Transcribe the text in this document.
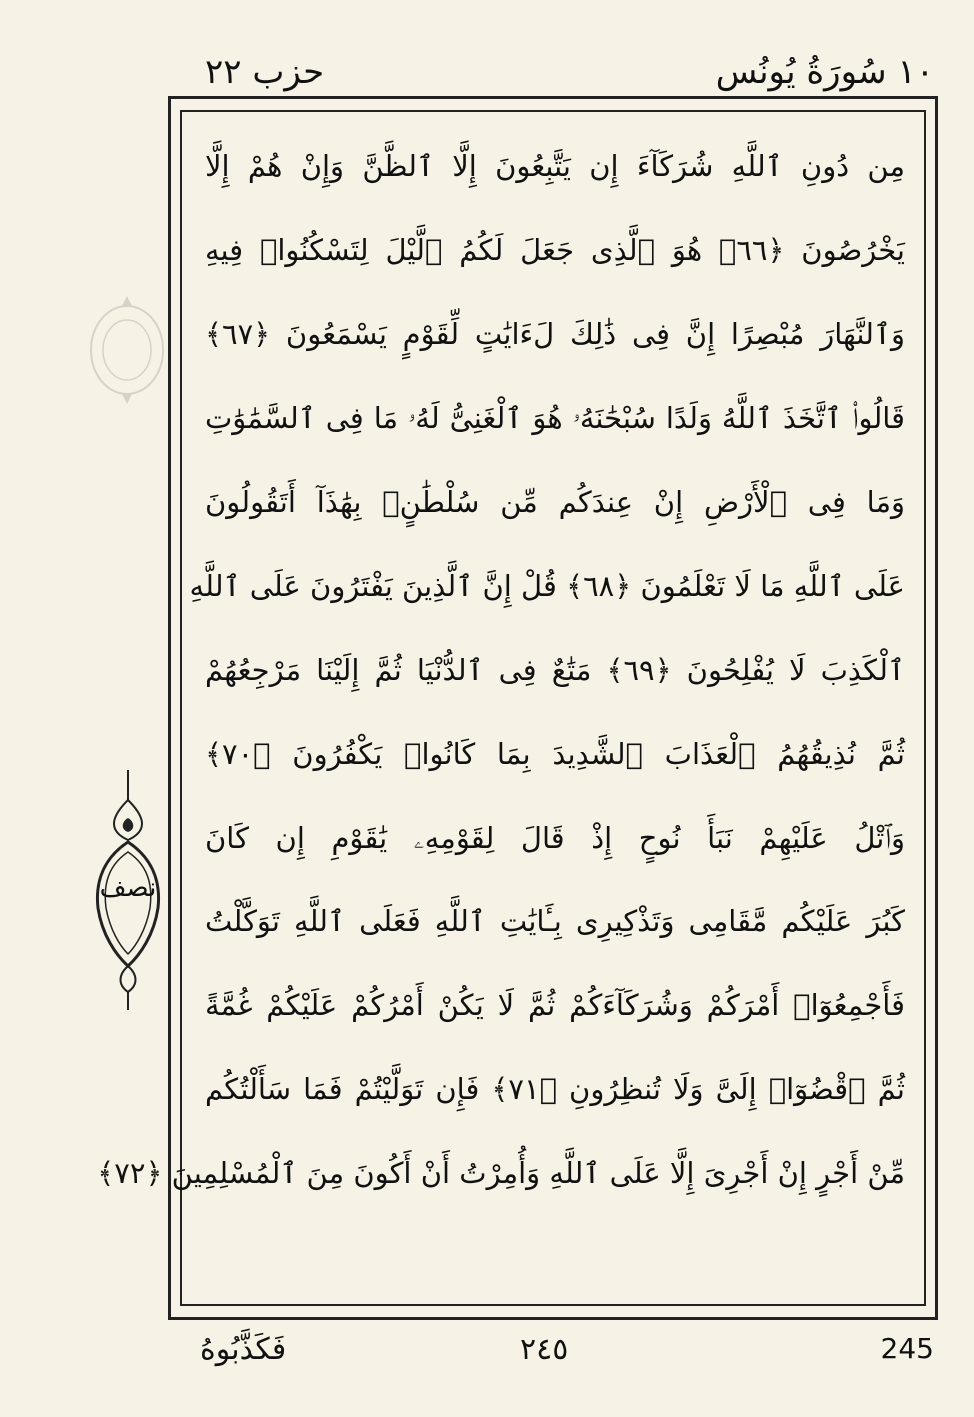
حزب ٢٢	١٠ سُورَةُ يُونُس
مِن دُونِ ٱللَّهِ شُرَكَآءَ إِن يَتَّبِعُونَ إِلَّا ٱلظَّنَّ وَإِنْ هُمْ إِلَّا
يَخْرُصُونَ ﴿٦٦﴾ هُوَ ٱلَّذِى جَعَلَ لَكُمُ ٱلَّيْلَ لِتَسْكُنُوا۟ فِيهِ
وَٱلنَّهَارَ مُبْصِرًا إِنَّ فِى ذَٰلِكَ لَءَايَٰتٍ لِّقَوْمٍ يَسْمَعُونَ ﴿٦٧﴾
قَالُوا۟ ٱتَّخَذَ ٱللَّهُ وَلَدًا سُبْحَٰنَهُۥ هُوَ ٱلْغَنِىُّ لَهُۥ مَا فِى ٱلسَّمَٰوَٰتِ
وَمَا فِى ٱلْأَرْضِ إِنْ عِندَكُم مِّن سُلْطَٰنٍۭ بِهَٰذَآ أَتَقُولُونَ
عَلَى ٱللَّهِ مَا لَا تَعْلَمُونَ ﴿٦٨﴾ قُلْ إِنَّ ٱلَّذِينَ يَفْتَرُونَ عَلَى ٱللَّهِ
ٱلْكَذِبَ لَا يُفْلِحُونَ ﴿٦٩﴾ مَتَٰعٌ فِى ٱلدُّنْيَا ثُمَّ إِلَيْنَا مَرْجِعُهُمْ
ثُمَّ نُذِيقُهُمُ ٱلْعَذَابَ ٱلشَّدِيدَ بِمَا كَانُوا۟ يَكْفُرُونَ ﴿٧٠﴾
وَٱتْلُ عَلَيْهِمْ نَبَأَ نُوحٍ إِذْ قَالَ لِقَوْمِهِۦ يَٰقَوْمِ إِن كَانَ
كَبُرَ عَلَيْكُم مَّقَامِى وَتَذْكِيرِى بِـَٔايَٰتِ ٱللَّهِ فَعَلَى ٱللَّهِ تَوَكَّلْتُ
فَأَجْمِعُوٓا۟ أَمْرَكُمْ وَشُرَكَآءَكُمْ ثُمَّ لَا يَكُنْ أَمْرُكُمْ عَلَيْكُمْ غُمَّةً
ثُمَّ ٱقْضُوٓا۟ إِلَىَّ وَلَا تُنظِرُونِ ﴿٧١﴾ فَإِن تَوَلَّيْتُمْ فَمَا سَأَلْتُكُم
مِّنْ أَجْرٍ إِنْ أَجْرِىَ إِلَّا عَلَى ٱللَّهِ وَأُمِرْتُ أَنْ أَكُونَ مِنَ ٱلْمُسْلِمِينَ ﴿٧٢﴾
نصف
فَكَذَّبُوهُ	٢٤٥	245
